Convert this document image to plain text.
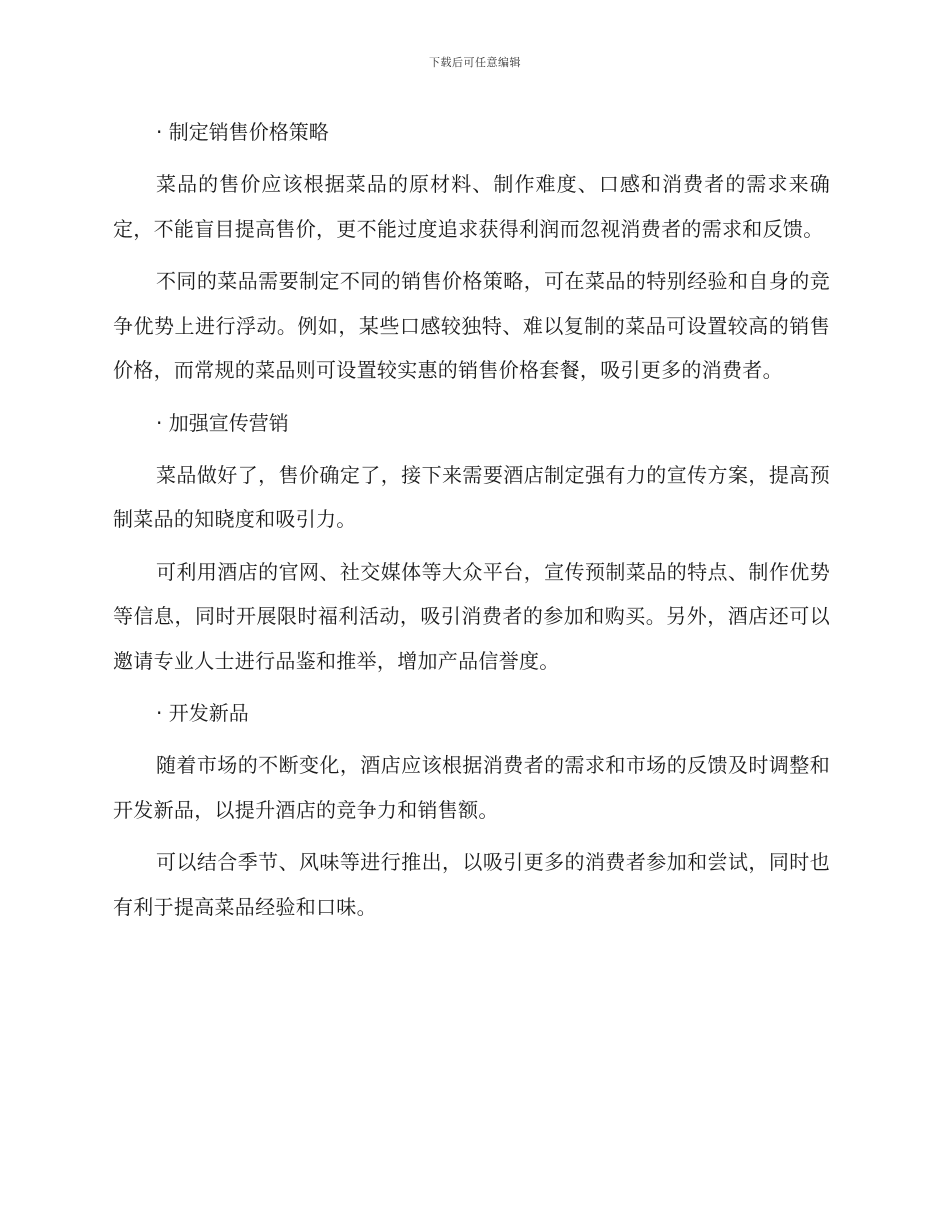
下载后可任意编辑
· 制定销售价格策略
菜品的售价应该根据菜品的原材料、制作难度、口感和消费者的需求来确定，不能盲目提高售价，更不能过度追求获得利润而忽视消费者的需求和反馈。
不同的菜品需要制定不同的销售价格策略，可在菜品的特别经验和自身的竞争优势上进行浮动。例如，某些口感较独特、难以复制的菜品可设置较高的销售价格，而常规的菜品则可设置较实惠的销售价格套餐，吸引更多的消费者。
· 加强宣传营销
菜品做好了，售价确定了，接下来需要酒店制定强有力的宣传方案，提高预制菜品的知晓度和吸引力。
可利用酒店的官网、社交媒体等大众平台，宣传预制菜品的特点、制作优势等信息，同时开展限时福利活动，吸引消费者的参加和购买。另外，酒店还可以邀请专业人士进行品鉴和推举，增加产品信誉度。
· 开发新品
随着市场的不断变化，酒店应该根据消费者的需求和市场的反馈及时调整和开发新品，以提升酒店的竞争力和销售额。
可以结合季节、风味等进行推出，以吸引更多的消费者参加和尝试，同时也有利于提高菜品经验和口味。
